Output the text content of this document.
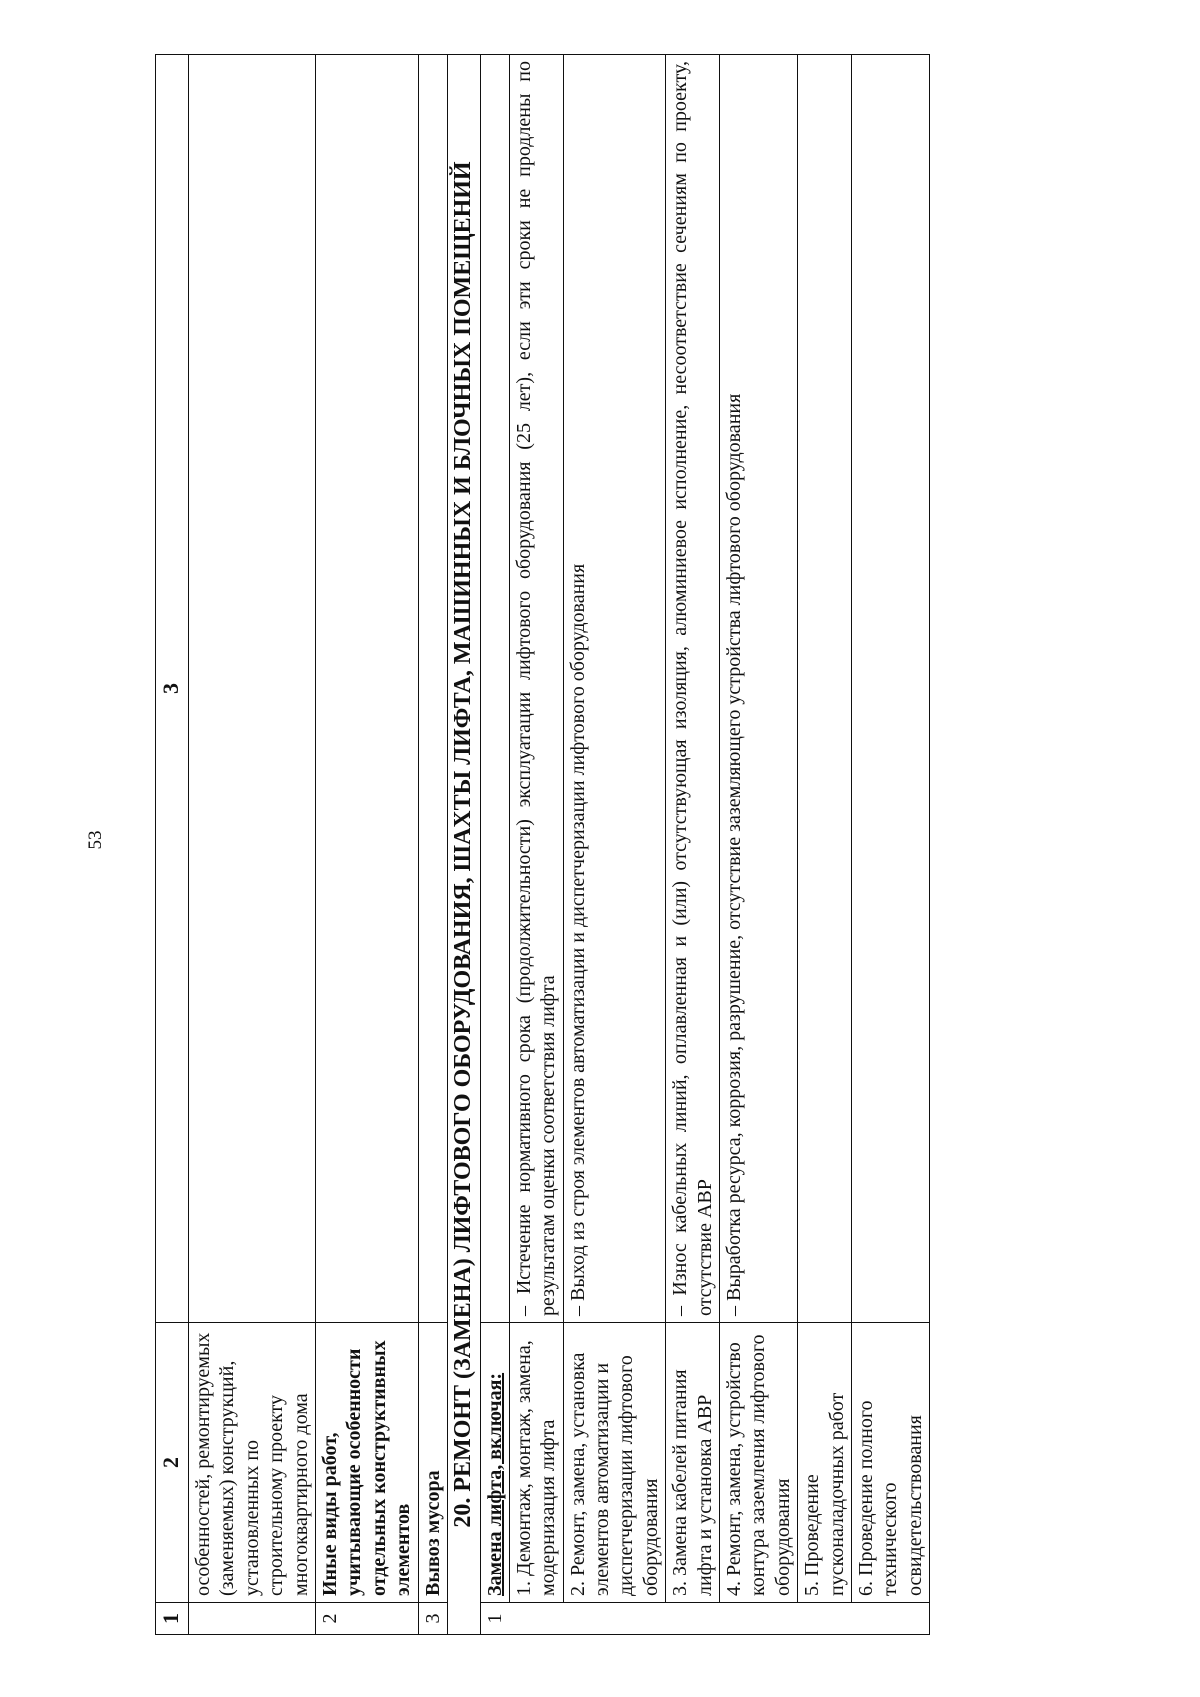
53
1	2	3
	особенностей, ремонтируемых (заменяемых) конструкций, установленных по строительному проекту многоквартирного дома	
2	Иные виды работ, учитывающие особенности отдельных конструктивных элементов	
3	Вывоз мусора	
20. РЕМОНТ (ЗАМЕНА) ЛИФТОВОГО ОБОРУДОВАНИЯ, ШАХТЫ ЛИФТА, МАШИННЫХ И БЛОЧНЫХ ПОМЕЩЕНИЙ		
1	Замена лифта, включая:	
	1. Демонтаж, монтаж, замена, модернизация лифта	– Истечение нормативного срока (продолжительности) эксплуатации лифтового оборудования (25 лет), если эти сроки не продлены по результатам оценки соответствия лифта
	2. Ремонт, замена, установка элементов автоматизации и диспетчеризации лифтового оборудования	– Выход из строя элементов автоматизации и диспетчеризации лифтового оборудования
	3. Замена кабелей питания лифта и установка АВР	– Износ кабельных линий, оплавленная и (или) отсутствующая изоляция, алюминиевое исполнение, несоответствие сечениям по проекту, отсутствие АВР
	4. Ремонт, замена, устройство контура заземления лифтового оборудования	– Выработка ресурса, коррозия, разрушение, отсутствие заземляющего устройства лифтового оборудования
	5. Проведение пусконаладочных работ	
	6. Проведение полного технического освидетельствования	
